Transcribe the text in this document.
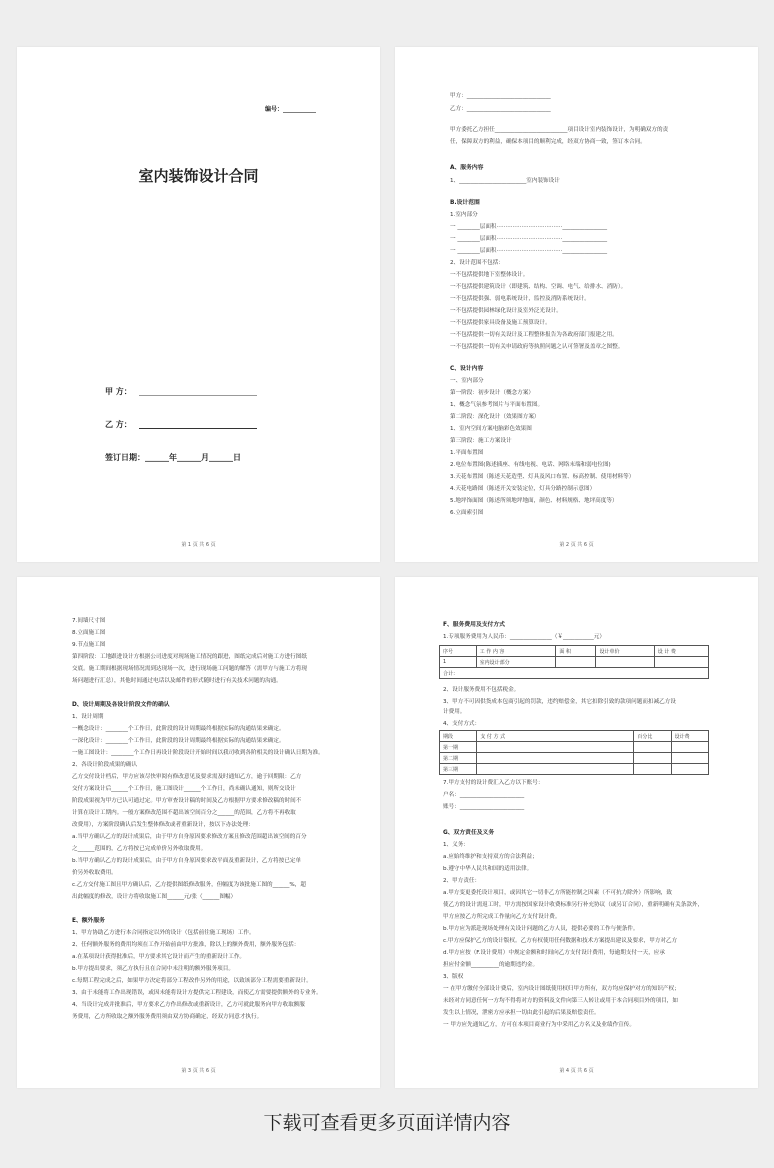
编号：___________
室内装饰设计合同
甲 方：
乙 方：
签订日期：______年______月______日
第 1 页 共 6 页
甲方：______________________________
乙方：______________________________
甲方委托乙方担任__________________________项目设计室内装饰设计，为明确双方的责
任，保障双方的利益，确保本项目的顺利完成，经双方协商一致，签订本合同。
A、服务内容
1、________________________室内装饰设计
B.设计范围
1.室内部分
一 ________层面积·····································________________
一 ________层面积·····································________________
一 ________层面积·····································________________
2、设计范围不包括：
一不包括提供地下室整体设计。
一不包括提供建筑设计（即建筑、结构、空调、电气、给排水、消防）。
一不包括提供强、弱电系统设计，监控及消防系统设计。
一不包括提供园林绿化设计及室外泛光设计。
一不包括提供家具设备及施工预算设计。
一不包括提供一切有关设计及工程整体报告为各政府部门报建之用。
一不包括提供一切有关申请政府等执照问题之认可签署及盖章之图整。
C、设计内容
一、室内部分
第一阶段：初步设计（概念方案）
1、概念气氛参考图片与平面布置图。
第二阶段：深化设计（效果图方案）
1、室内空间方案电脑彩色效果图
第三阶段：施工方案设计
1.平面布置图
2.电位布置图(陈述插座、有线电视、电话、网络末端和弱电位图)
3.天花布置图（陈述天花造型、灯具及风口布置、标高控制、使用材料等）
4.天花电路图（陈述开关安装定位，灯具分路控制示意图）
5.地坪饰面图（陈述所须地坪地面，颜色、材料规格、地坪高度等）
6.立面索引图
第 2 页 共 6 页
7.间墙尺寸图
8.立面施工图
9.节点施工图
第四阶段：工地跟进设计方根据公司进度对现场施工情况的跟进，图纸完成后对施工方进行图纸
交底。施工期间根据现场情况需到达现场一次，进行现场施工问题的解答（需甲方与施工方将现
场问题进行汇总），其他时间通过电话以及邮件的形式随时进行有关技术问题的沟通。
D、设计周期及各设计阶段文件的确认
1、设计周期
一概念设计：________个工作日，此阶段的设计周期最终根据实际的沟通结果来确定。
一深化设计：________个工作日，此阶段的设计周期最终根据实际的沟通结果来确定。
一施工图设计：________个工作日再设计阶段设计开始时间以我司收到各阶相关的设计确认日期为准。
2、各设计阶段成果的确认
乙方交付设计档后，甲方应该尽快审阅有修改意见及要求需及时通知乙方，逾于回期限：乙方
交付方案设计后______个工作日，施工图设计______个工作日，尚未确认通知，则所交设计
阶段成果视为甲方已认可通过定。甲方审查设计稿的时间及乙方根据甲方要求修改稿的时间不
计算在设计工期内。一般方案修改范围不超出该空间百分之______的范围，乙方将不再收取
改费用），方案阶段确认后发生整体修改或者重新设计，按以下办法处理：
a.当甲方确认乙方的设计成果后，由于甲方自身原因要求修改方案且修改范围超出该空间的百分
之______范围的，乙方将按已完成单价另外收取费用。
b.当甲方确认乙方的设计成果后，由于甲方自身原因要求改平面及重新设计，乙方将按已定单
价另外收取费用。
c.乙方交付施工图且甲方确认后，乙方提供图纸修改服务，但幅度为该批施工图的______%，超
出此幅度的修改，设计方将收取施工图______元/张（______图幅）
E、额外服务
1、甲方协助乙方进行本合同指定以外的设计（包括前往施工现场）工作。
2、任何额外服务的费用均须在工作开始前由甲方批准，除以上的额外费用，额外服务包括：
a.在某项设计获得批准后，甲方要求其它设计而产生的重新设计工作。
b.甲方提出要求，须乙方执行且在合同中未注明的额外服务项目。
c.每期工程完成之后，如果甲方决定将部分工程改作另外的用途，以致该部分工程需要重新设计。
3、由于未能将工作出现错误，或因未能将设计方提供完工程建设，而使乙方需要提供额外的专业务。
4、当设计完成并批准后，甲方要求乙方作出修改或重新设计，乙方可就此服务向甲方收取额服
务费用，乙方所收取之额外服务费用须由双方协商确定，经双方同意才执行。
第 3 页 共 6 页
F、服务费用及支付方式
1.专项服务费用为人民币：_______________（￥___________元）
序号	工 作 内 容	面 积	设计单价	设 计 费
1	室内设计部分			
合计：				
2、设计服务费用不包括税金。
3、甲方不可因供货成本包商引起的罚款，违约赔偿金，其它扣除引致的款项问题而扣减乙方设
计费用。
4、支付方式：
期段	支 付 方 式	百分比	设计费
第一期			
第二期			
第三期			
7.甲方支付的设计费汇入乙方以下账号：
户名：_______________________
账号：_______________________
G、双方责任及义务
1、义务：
a.应始终维护和支持双方的合法利益；
b.遵守中华人民共和国的适用法律。
2、甲方责任：
a.甲方变更委托设计项目，或因其它一切非乙方所能控制之因素（不可抗力除外）所影响，致
使乙方的设计需返工时，甲方需按国家设计收费标准另行补充协议（或另订合同），重新明确有关条款外，
甲方应按乙方所完成工作量向乙方支付设计费。
b.甲方应为派赴现场处理有关设计问题的乙方人员，提供必要的工作与便条件。
c.甲方应保护乙方的设计版权。乙方有权使用任何数据和技术方案提出建议及要求，甲方对乙方
d.甲方应按（F.设计费用）中规定金额和时间向乙方支付设计费用，每逾期支付一天，应承
担应付金额__________的逾期违约金。
3、版权
一 在甲方缴付全部设计费后，室内设计图纸使用权归甲方所有，双方均应保护对方的知识产权；
未经对方同意任何一方均不得将对方的资料及文件向第三人转让或用于本合同项目外的项目，如
发生以上情况，泄密方应承担一切由此引起的后果及赔偿责任。
一 甲方应先通知乙方，方可在本项目商业行为中采用乙方名义及业绩作宣传。
第 4 页 共 6 页
下载可查看更多页面详情内容
